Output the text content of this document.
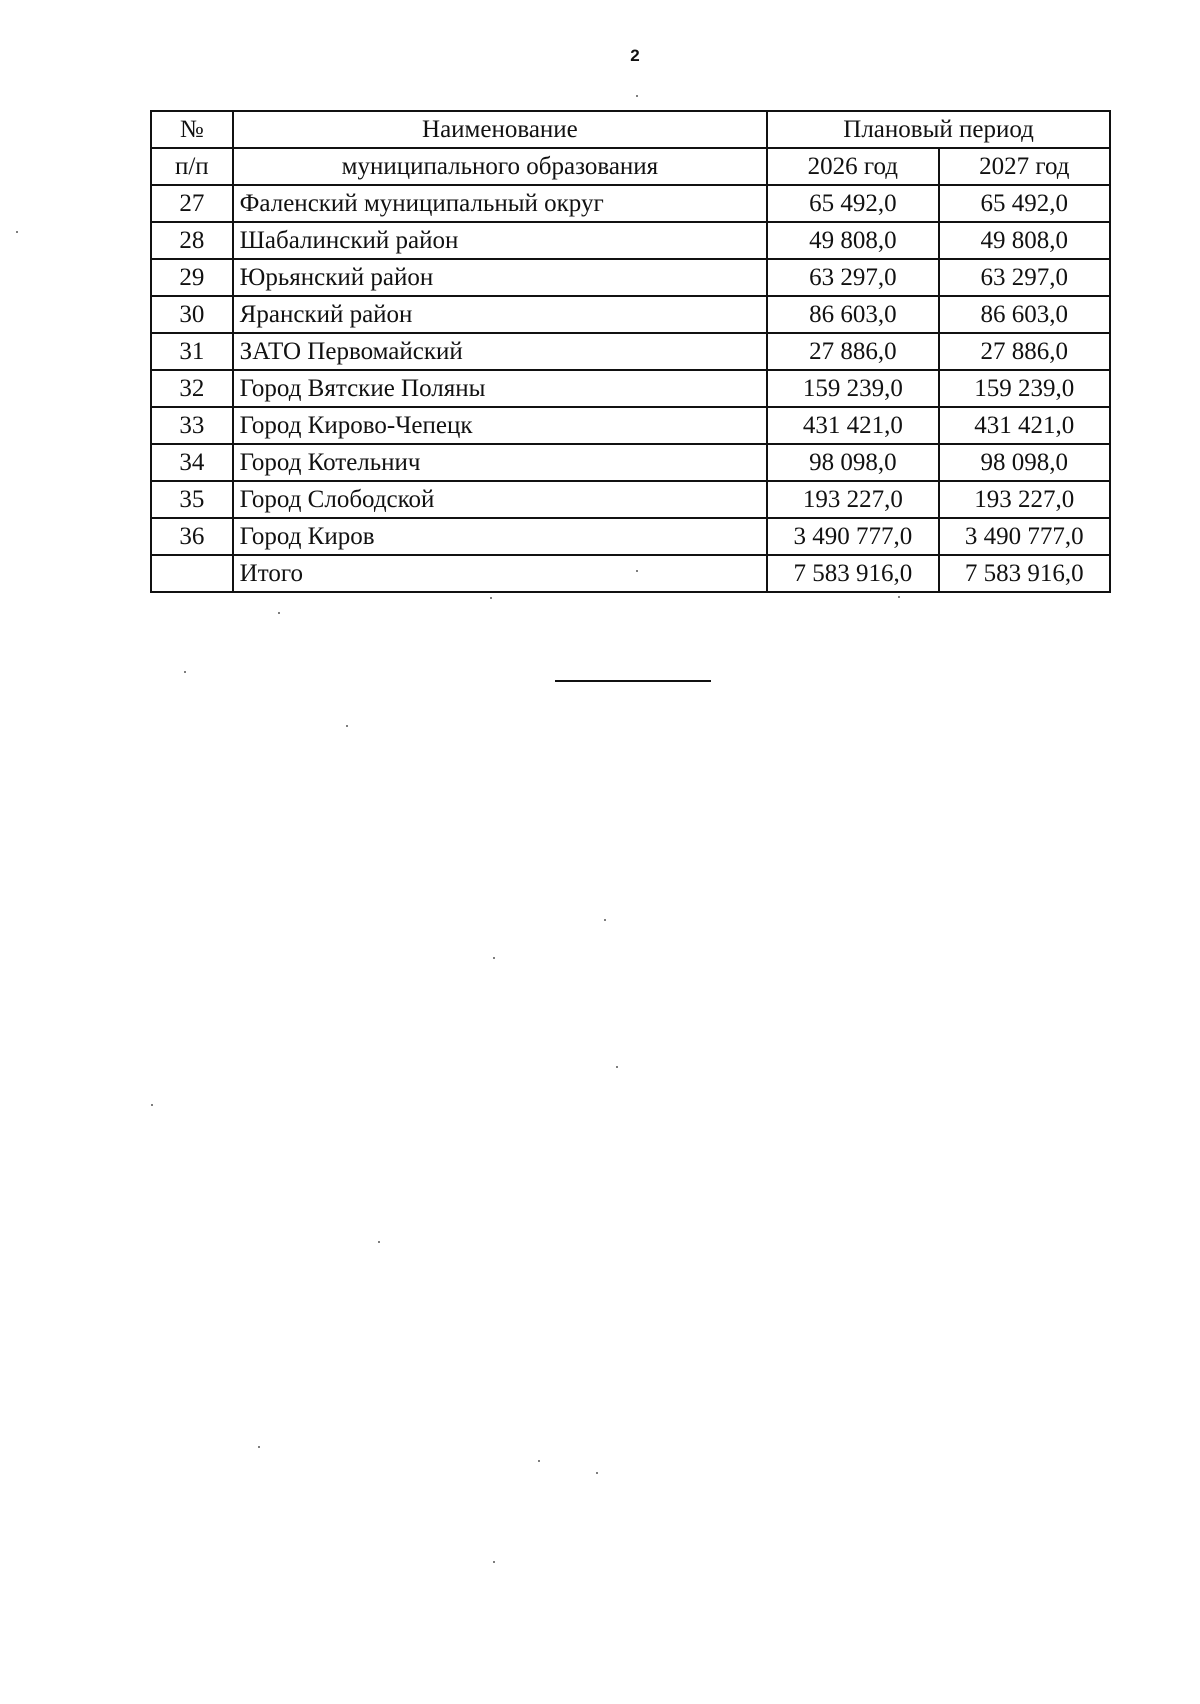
2
№	Наименование	Плановый период	
п/п	муниципального образования	2026 год	2027 год
27	Фаленский муниципальный округ	65 492,0	65 492,0
28	Шабалинский район	49 808,0	49 808,0
29	Юрьянский район	63 297,0	63 297,0
30	Яранский район	86 603,0	86 603,0
31	ЗАТО Первомайский	27 886,0	27 886,0
32	Город Вятские Поляны	159 239,0	159 239,0
33	Город Кирово-Чепецк	431 421,0	431 421,0
34	Город Котельнич	98 098,0	98 098,0
35	Город Слободской	193 227,0	193 227,0
36	Город Киров	3 490 777,0	3 490 777,0
	Итого	7 583 916,0	7 583 916,0
